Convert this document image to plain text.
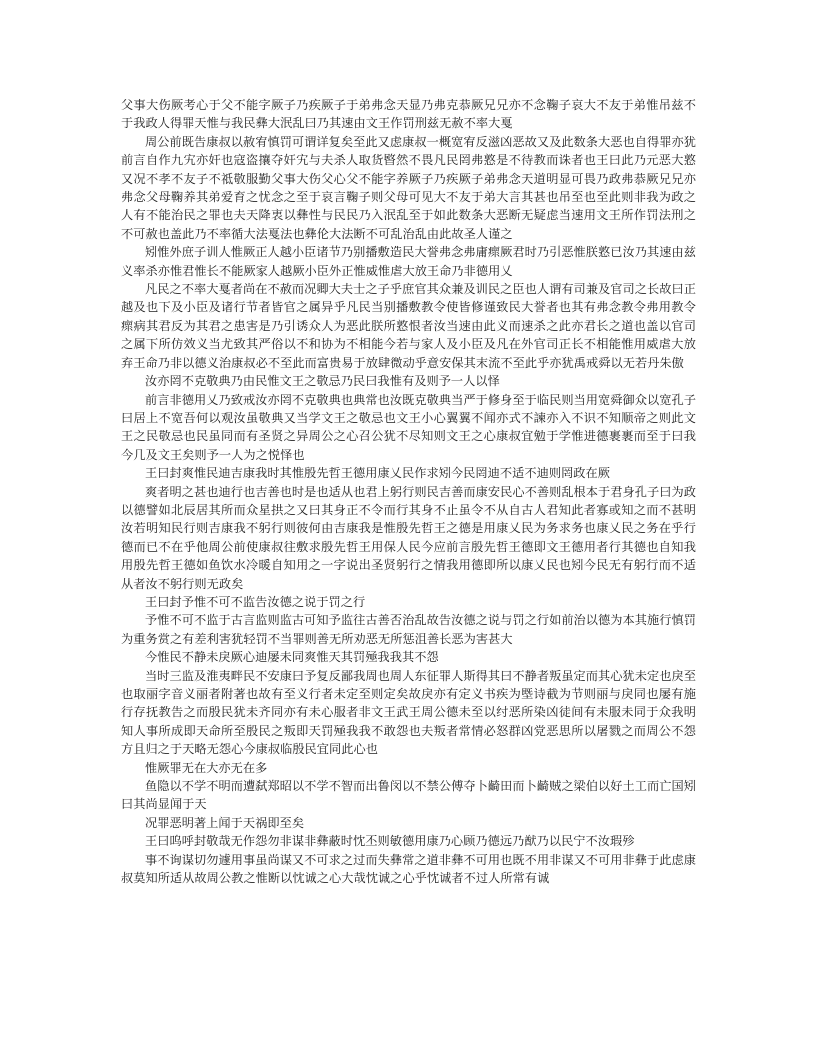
父事大伤厥考心于父不能字厥子乃疾厥子于弟弗念天显乃弗克恭厥兄兄亦不念鞠子哀大不友于弟惟吊兹不于我政人得罪天惟与我民彝大泯乱曰乃其速由文王作罚刑兹无赦不率大戛

周公前既告康叔以赦宥慎罚可谓详复矣至此又虑康叔一概宽宥反滋凶恶故又及此数条大恶也自得罪亦犹前言自作九宄亦奸也寇盗攘夺奸宄与夫杀人取货暋然不畏凡民罔弗憝是不待教而诛者也王曰此乃元恶大憝又况不孝不友子不祗敬服勤父事大伤父心父不能字养厥子乃疾厥子弟弗念天道明显可畏乃政弗恭厥兄兄亦弗念父母鞠养其弟爱育之忧念之至于哀言鞠子则父母可见大不友于弟大言其甚也吊至也至此则非我为政之人有不能治民之罪也夫天降衷以彝性与民民乃入泯乱至于如此数条大恶断无疑虑当速用文王所作罚法刑之不可赦也盖此乃不率循大法戛法也彝伦大法断不可乱治乱由此故圣人谨之

矧惟外庶子训人惟厥正人越小臣诸节乃别播敷造民大誉弗念弗庸瘝厥君时乃引恶惟朕憝已汝乃其速由兹义率杀亦惟君惟长不能厥家人越厥小臣外正惟威惟虐大放王命乃非德用乂

凡民之不率大戛者尚在不赦而况卿大夫士之子乎庶官其众兼及训民之臣也人谓有司兼及官司之长故曰正越及也下及小臣及诸行节者皆官之属异乎凡民当别播敷教令使皆修谨致民大誉者也其有弗念教令弗用教令瘝病其君反为其君之患害是乃引诱众人为恶此朕所憝恨者汝当速由此义而速杀之此亦君长之道也盖以官司之属下所仿效义当尤致其严俗以不和协为不相能今若与家人及小臣及凡在外官司正长不相能惟用威虐大放弃王命乃非以德义治康叔必不至此而富贵易于放肆微动乎意安保其末流不至此乎亦犹禹戒舜以无若丹朱傲

汝亦罔不克敬典乃由民惟文王之敬忌乃民曰我惟有及则予一人以怿

前言非德用乂乃致戒汝亦罔不克敬典也典常也汝既克敬典当严于修身至于临民则当用宽舜御众以宽孔子曰居上不宽吾何以观汝虽敬典又当学文王之敬忌也文王小心翼翼不闻亦式不諫亦入不识不知顺帝之则此文王之民敬忌也民虽同而有圣贤之异周公之心召公犹不尽知则文王之心康叔宜勉于学惟进德裹裹而至于曰我今几及文王矣则予一人为之悦怿也

王曰封爽惟民迪吉康我时其惟殷先哲王德用康乂民作求矧今民罔迪不适不迪则罔政在厥

爽者明之甚也迪行也吉善也时是也适从也君上躬行则民吉善而康安民心不善则乱根本于君身孔子曰为政以德譬如北辰居其所而众星拱之又曰其身正不令而行其身不止虽令不从自古人君知此者寡或知之而不甚明汝若明知民行则吉康我不躬行则彼何由吉康我是惟殷先哲王之德是用康乂民为务求务也康乂民之务在乎行德而已不在乎他周公前使康叔往敷求殷先哲王用保人民今应前言殷先哲王德即文王德用者行其德也自知我用殷先哲王德如鱼饮水冷暖自知用之一字说出圣贤躬行之情我用德即所以康乂民也矧今民无有躬行而不适从者汝不躬行则无政矣

王曰封予惟不可不监告汝德之说于罚之行

予惟不可不监于古言监则监古可知予监往古善否治乱故告汝德之说与罚之行如前治以德为本其施行慎罚为重务赏之有差利害犹轻罚不当罪则善无所劝恶无所惩沮善长恶为害甚大

今惟民不静未戾厥心迪屡未同爽惟天其罚殛我我其不怨

当时三监及淮夷畔民不安康曰予复反鄙我周也周人东征罪人斯得其曰不静者叛虽定而其心犹未定也戾至也取丽字音义丽者附著也故有至义行者未定至则定矣故戾亦有定义书疾为塈诗截为节则丽与戾同也屡有施行存抚教告之而殷民犹未齐同亦有未心服者非文王武王周公德未至以纣恶所染凶徒间有未服未同于众我明知人事所成即天命所至殷民之叛即天罚殛我我不敢怨也夫叛者常情必怒群凶党恶思所以屠戮之而周公不怨方且归之于天略无怨心今康叔临殷民宜同此心也

惟厥罪无在大亦无在多

鱼隐以不学不明而遭弑郑昭以不学不智而出鲁闵以不禁公傅夺卜齮田而卜齮贼之梁伯以好土工而亡国矧曰其尚显闻于天

况罪恶明著上闻于天祸即至矣

王曰呜呼封敬哉无作怨勿非谋非彝蔽时忱丕则敏德用康乃心顾乃德远乃猷乃以民宁不汝瑕殄

事不询谋切勿遽用事虽尚谋又不可求之过而失彝常之道非彝不可用也既不用非谋又不可用非彝于此虑康叔莫知所适从故周公教之惟断以忱诚之心大哉忱诚之心乎忱诚者不过人所常有诚
